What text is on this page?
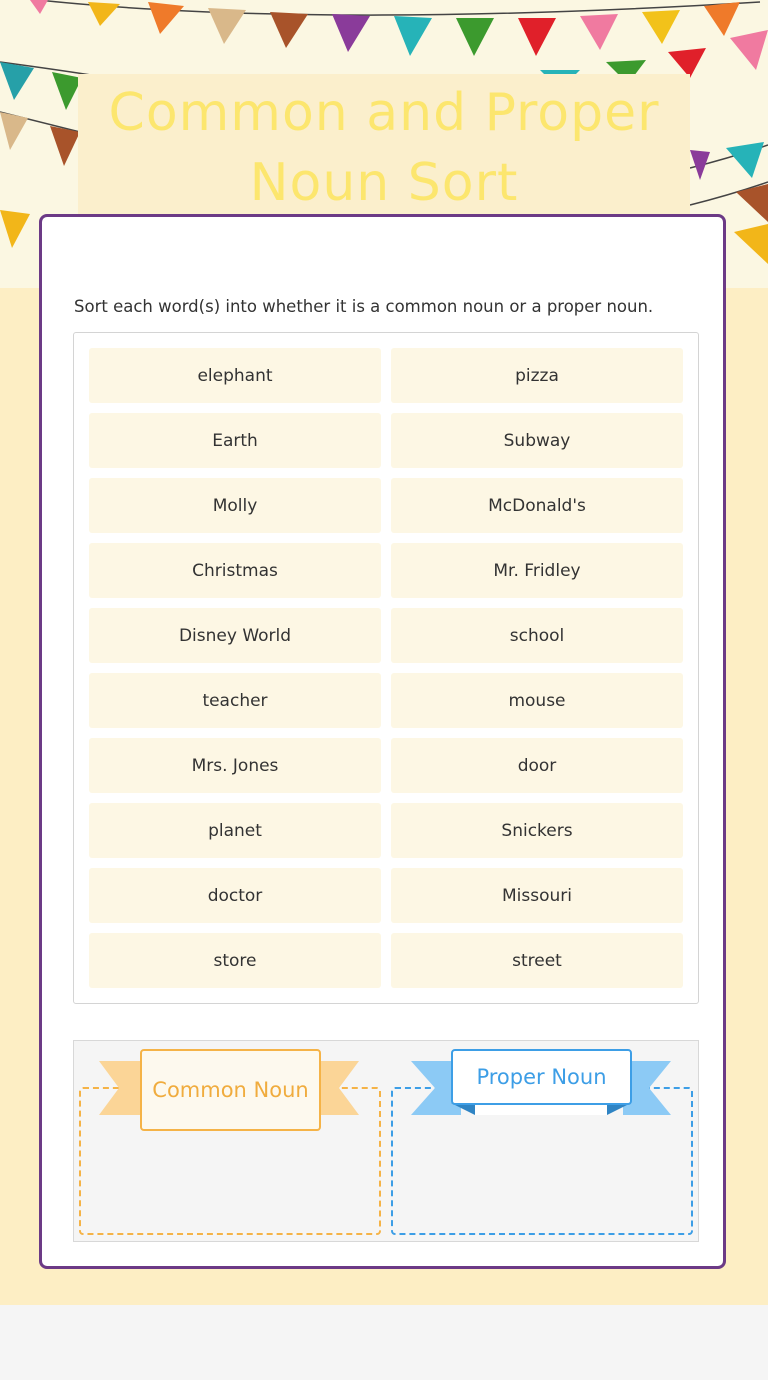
Common and Proper Noun Sort

Sort each word(s) into whether it is a common noun or a proper noun.

elephant	pizza
Earth	Subway
Molly	McDonald's
Christmas	Mr. Fridley
Disney World	school
teacher	mouse
Mrs. Jones	door
planet	Snickers
doctor	Missouri
store	street
Common Noun
Proper Noun
